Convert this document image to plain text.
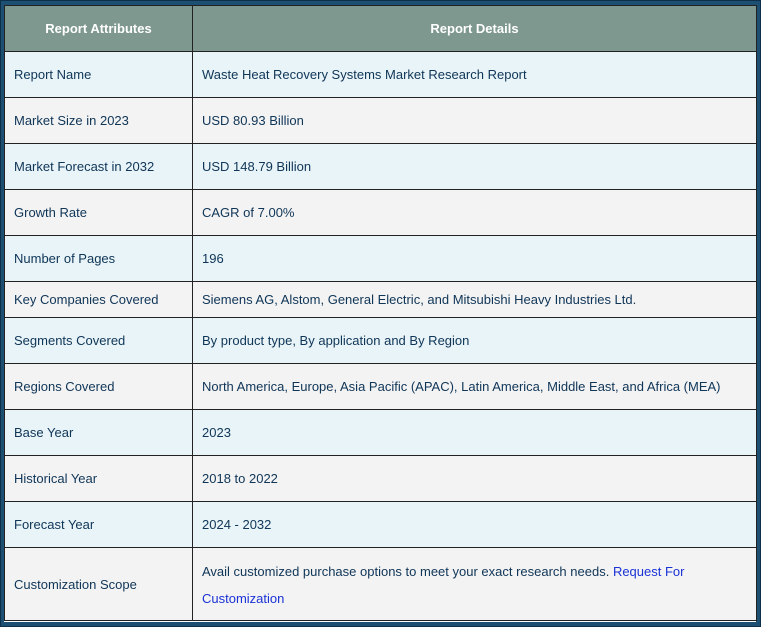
Report Attributes	Report Details
Report Name	Waste Heat Recovery Systems Market Research Report
Market Size in 2023	USD 80.93 Billion
Market Forecast in 2032	USD 148.79 Billion
Growth Rate	CAGR of 7.00%
Number of Pages	196
Key Companies Covered	Siemens AG, Alstom, General Electric, and Mitsubishi Heavy Industries Ltd.
Segments Covered	By product type, By application and By Region
Regions Covered	North America, Europe, Asia Pacific (APAC), Latin America, Middle East, and Africa (MEA)
Base Year	2023
Historical Year	2018 to 2022
Forecast Year	2024 - 2032
Customization Scope	Avail customized purchase options to meet your exact research needs. Request For Customization
